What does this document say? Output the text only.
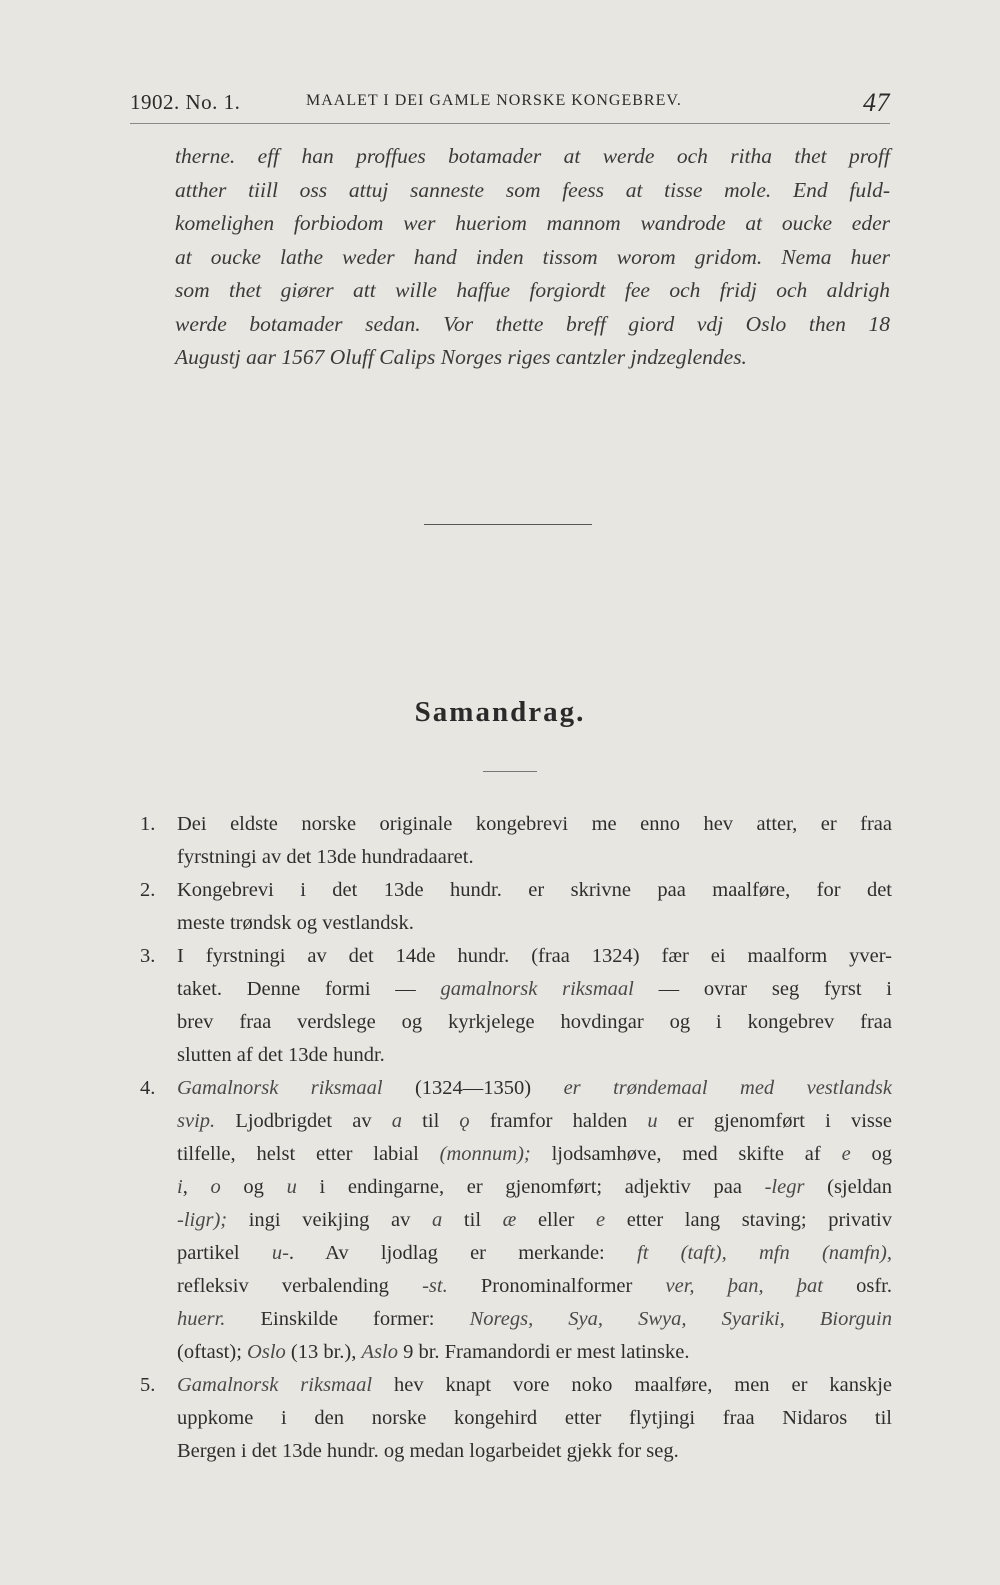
1902. No. 1.	MAALET I DEI GAMLE NORSKE KONGEBREV.	47
therne. eff han proffues botamader at werde och ritha thet proff
atther tiill oss attuj sanneste som feess at tisse mole. End fuld-
komelighen forbiodom wer hueriom mannom wandrode at oucke eder
at oucke lathe weder hand inden tissom worom gridom. Nema huer
som thet giører att wille haffue forgiordt fee och fridj och aldrigh
werde botamader sedan. Vor thette breff giord vdj Oslo then 18
Augustj aar 1567 Oluff Calips Norges riges cantzler jndzeglendes.
Samandrag.
1. Dei eldste norske originale kongebrevi me enno hev atter, er fraa
fyrstningi av det 13de hundradaaret.
2. Kongebrevi i det 13de hundr. er skrivne paa maalføre, for det
meste trøndsk og vestlandsk.
3. I fyrstningi av det 14de hundr. (fraa 1324) fær ei maalform yver-
taket. Denne formi — gamalnorsk riksmaal — ovrar seg fyrst i
brev fraa verdslege og kyrkjelege hovdingar og i kongebrev fraa
slutten af det 13de hundr.
4. Gamalnorsk riksmaal (1324—1350) er trøndemaal med vestlandsk
svip. Ljodbrigdet av a til ǫ framfor halden u er gjenomført i visse
tilfelle, helst etter labial (monnum); ljodsamhøve, med skifte af e og
i, o og u i endingarne, er gjenomført; adjektiv paa -legr (sjeldan
-ligr); ingi veikjing av a til æ eller e etter lang staving; privativ
partikel u-. Av ljodlag er merkande: ft (taft), mfn (namfn),
refleksiv verbalending -st. Pronominalformer ver, þan, þat osfr.
huerr. Einskilde former: Noregs, Sya, Swya, Syariki, Biorguin
(oftast); Oslo (13 br.), Aslo 9 br. Framandordi er mest latinske.
5. Gamalnorsk riksmaal hev knapt vore noko maalføre, men er kanskje
uppkome i den norske kongehird etter flytjingi fraa Nidaros til
Bergen i det 13de hundr. og medan logarbeidet gjekk for seg.
